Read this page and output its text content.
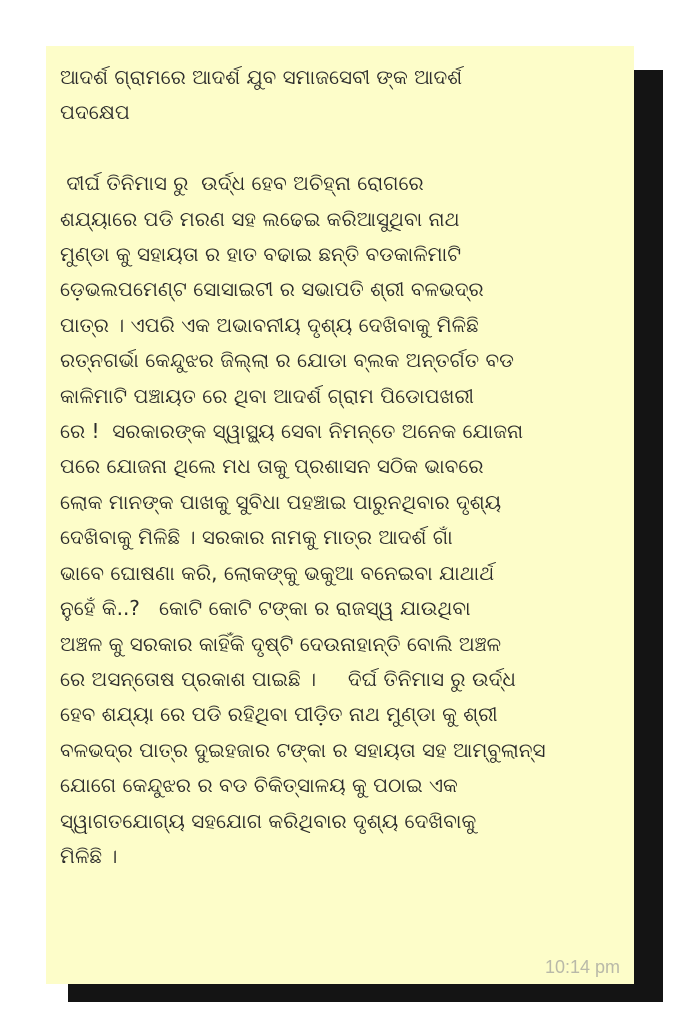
ଆଦର୍ଶ ଗ୍ରାମରେ ଆଦର୍ଶ ଯୁବ ସମାଜସେବୀ ଙ୍କ ଆଦର୍ଶ
ପଦକ୍ଷେପ

ଦୀର୍ଘ ତିନିମାସ ରୁ  ଉର୍ଦ୍ଧ ହେବ ଅଚିହ୍ନା ରୋଗରେ
ଶଯ୍ୟାରେ ପଡି ମରଣ ସହ ଲଢେଇ କରିଆସୁଥିବା ନାଥ
ମୁଣ୍ଡା କୁ ସହାୟତା ର ହାତ ବଢାଇ ଛନ୍ତି ବଡକାଳିମାଟି
ଡ଼େଭଲପମେଣ୍ଟ ସୋସାଇଟୀ ର ସଭାପତି ଶ୍ରୀ ବଳଭଦ୍ର
ପାତ୍ର । ଏପରି ଏକ ଅଭାବନୀୟ ଦୃଶ୍ୟ ଦେଖିବାକୁ ମିଳିଛି
ରତ୍ନଗର୍ଭା କେନ୍ଦୁଝର ଜିଲ୍ଲା ର ଯୋଡା ବ୍ଲକ ଅନ୍ତର୍ଗତ ବଡ
କାଳିମାଟି ପଞ୍ଚାୟତ ରେ ଥିବା ଆଦର୍ଶ ଗ୍ରାମ ପିଡୋପଖରୀ
ରେ !  ସରକାରଙ୍କ ସ୍ୱାସ୍ଥ୍ୟ ସେବା ନିମନ୍ତେ ଅନେକ ଯୋଜନା
ପରେ ଯୋଜନା ଥିଲେ ମଧ ତାକୁ ପ୍ରଶାସନ ସଠିକ ଭାବରେ
ଲୋକ ମାନଙ୍କ ପାଖକୁ ସୁବିଧା ପହଞ୍ଚାଇ ପାରୁନଥିବାର ଦୃଶ୍ୟ
ଦେଖିବାକୁ ମିଳିଛି । ସରକାର ନାମକୁ ମାତ୍ର ଆଦର୍ଶ ଗାଁ
ଭାବେ ଘୋଷଣା କରି, ଲୋକଙ୍କୁ ଭକୁଆ ବନେଇବା ଯାଥାର୍ଥ
ନୁହେଁ କି..?   କୋଟି କୋଟି ଟଙ୍କା ର ରାଜସ୍ୱ ଯାଉଥିବା
ଅଞ୍ଚଳ କୁ ସରକାର କାହିଁକି ଦୃଷ୍ଟି ଦେଉନାହାନ୍ତି ବୋଲି ଅଞ୍ଚଳ
ରେ ଅସନ୍ତୋଷ ପ୍ରକାଶ ପାଇଛି ।     ଦିର୍ଘ ତିନିମାସ ରୁ ଉର୍ଦ୍ଧ
ହେବ ଶଯ୍ୟା ରେ ପଡି ରହିଥିବା ପୀଡ଼ିତ ନାଥ ମୁଣ୍ଡା କୁ ଶ୍ରୀ
ବଳଭଦ୍ର ପାତ୍ର ଦୁଇହଜାର ଟଙ୍କା ର ସହାୟତା ସହ ଆମ୍ବୁଲାନ୍ସ
ଯୋଗେ କେନ୍ଦୁଝର ର ବଡ ଚିକିତ୍ସାଳୟ କୁ ପଠାଇ ଏକ
ସ୍ୱାଗତଯୋଗ୍ୟ ସହଯୋଗ କରିଥିବାର ଦୃଶ୍ୟ ଦେଖିବାକୁ
ମିଳିଛି ।

10:14 pm
